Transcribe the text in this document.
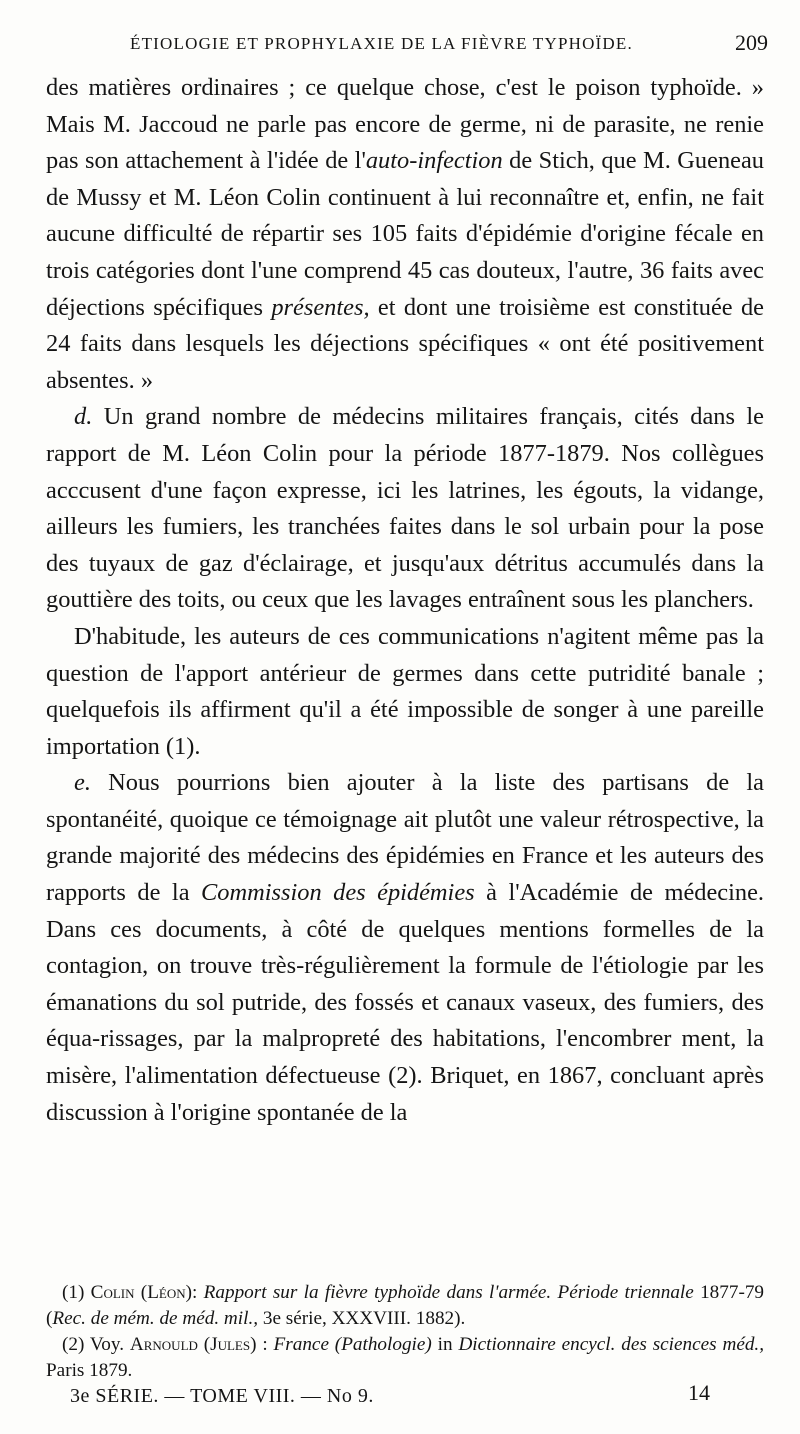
ÉTIOLOGIE ET PROPHYLAXIE DE LA FIÈVRE TYPHOÏDE.	209

des matières ordinaires ; ce quelque chose, c'est le poison typhoïde. » Mais M. Jaccoud ne parle pas encore de germe, ni de parasite, ne renie pas son attachement à l'idée de l'auto-infection de Stich, que M. Gueneau de Mussy et M. Léon Colin continuent à lui reconnaître et, enfin, ne fait aucune difficulté de répartir ses 105 faits d'épidémie d'origine fécale en trois catégories dont l'une comprend 45 cas douteux, l'autre, 36 faits avec déjections spécifiques présentes, et dont une troisième est constituée de 24 faits dans lesquels les déjections spécifiques « ont été positivement absentes. »

d. Un grand nombre de médecins militaires français, cités dans le rapport de M. Léon Colin pour la période 1877-1879. Nos collègues acccusent d'une façon expresse, ici les latrines, les égouts, la vidange, ailleurs les fumiers, les tranchées faites dans le sol urbain pour la pose des tuyaux de gaz d'éclairage, et jusqu'aux détritus accumulés dans la gouttière des toits, ou ceux que les lavages entraînent sous les planchers.

D'habitude, les auteurs de ces communications n'agitent même pas la question de l'apport antérieur de germes dans cette putridité banale ; quelquefois ils affirment qu'il a été impossible de songer à une pareille importation (1).

e. Nous pourrions bien ajouter à la liste des partisans de la spontanéité, quoique ce témoignage ait plutôt une valeur rétrospective, la grande majorité des médecins des épidémies en France et les auteurs des rapports de la Commission des épidémies à l'Académie de médecine. Dans ces documents, à côté de quelques mentions formelles de la contagion, on trouve très-régulièrement la formule de l'étiologie par les émanations du sol putride, des fossés et canaux vaseux, des fumiers, des équa-rissages, par la malpropreté des habitations, l'encombrer ment, la misère, l'alimentation défectueuse (2). Briquet, en 1867, concluant après discussion à l'origine spontanée de la

(1) Colin (Léon): Rapport sur la fièvre typhoïde dans l'armée. Période triennale 1877-79 (Rec. de mém. de méd. mil., 3e série, XXXVIII. 1882).

(2) Voy. Arnould (Jules) : France (Pathologie) in Dictionnaire encycl. des sciences méd., Paris 1879.

3e SÉRIE. — TOME VIII. — No 9.	14
